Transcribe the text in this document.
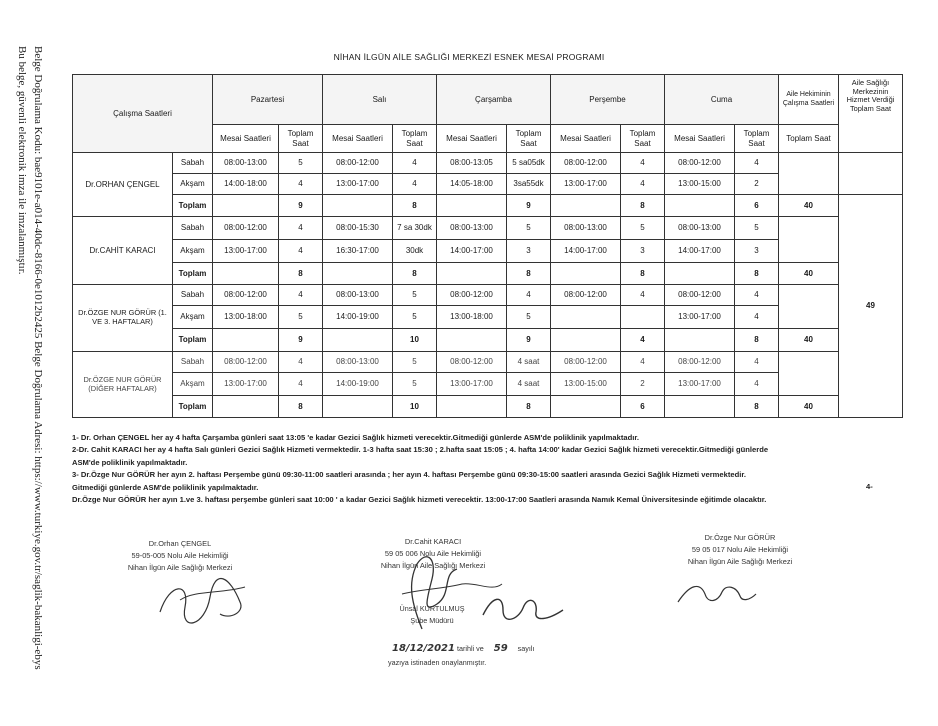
Belge Doğrulama Kodu: bae9101e-a014-40dc-8166-0e1012b2425 Belge Doğrulama Adresi: https://www.turkiye.gov.tr/saglik-bakanligi-ebys
Bu belge, güvenli elektronik imza ile imzalanmıştır.	NİHAN İLGÜN AİLE SAĞLIĞI MERKEZİ ESNEK MESAİ PROGRAMI
Çalışma Saatleri		Pazartesi		Salı		Çarşamba		Perşembe		Cuma		Aile Hekiminin Çalışma Saatleri	Aile Sağlığı Merkezinin Hizmet Verdiği Toplam Saat
		Mesai Saatleri	Toplam Saat	Mesai Saatleri	Toplam Saat	Mesai Saatleri	Toplam Saat	Mesai Saatleri	Toplam Saat	Mesai Saatleri	Toplam Saat	Toplam Saat	
Dr.ORHAN ÇENGEL	Sabah	08:00-13:00	5	08:00-12:00	4	08:00-13:05	5 sa05dk	08:00-12:00	4	08:00-12:00	4		
	Akşam	14:00-18:00	4	13:00-17:00	4	14:05-18:00	3sa55dk	13:00-17:00	4	13:00-15:00	2		
	Toplam		9		8		9		8		6	40	49
Dr.CAHİT KARACI	Sabah	08:00-12:00	4	08:00-15:30	7 sa 30dk	08:00-13:00	5	08:00-13:00	5	08:00-13:00	5		
	Akşam	13:00-17:00	4	16:30-17:00	30dk	14:00-17:00	3	14:00-17:00	3	14:00-17:00	3		
	Toplam		8		8		8		8		8	40	
Dr.ÖZGE NUR GÖRÜR (1. VE 3. HAFTALAR)	Sabah	08:00-12:00	4	08:00-13:00	5	08:00-12:00	4	08:00-12:00	4	08:00-12:00	4		
	Akşam	13:00-18:00	5	14:00-19:00	5	13:00-18:00	5			13:00-17:00	4		
	Toplam		9		10		9		4		8	40	
Dr.ÖZGE NUR GÖRÜR (DİĞER HAFTALAR)	Sabah	08:00-12:00	4	08:00-13:00	5	08:00-12:00	4 saat	08:00-12:00	4	08:00-12:00	4		
	Akşam	13:00-17:00	4	14:00-19:00	5	13:00-17:00	4 saat	13:00-15:00	2	13:00-17:00	4		
	Toplam		8		10		8		6		8	40	
1- Dr. Orhan ÇENGEL her ay 4 hafta Çarşamba günleri saat 13:05 'e kadar Gezici Sağlık hizmeti verecektir.Gitmediği günlerde ASM'de poliklinik yapılmaktadır.
2-Dr. Cahit KARACI her ay 4 hafta Salı günleri Gezici Sağlık Hizmeti vermektedir. 1-3 hafta saat 15:30 ; 2.hafta saat 15:05 ; 4. hafta 14:00' kadar Gezici Sağlık hizmeti verecektir.Gitmediği günlerde
ASM'de poliklinik yapılmaktadır.
3- Dr.Özge Nur GÖRÜR her ayın 2. haftası Perşembe günü 09:30-11:00 saatleri arasında ; her ayın 4. haftası Perşembe günü 09:30-15:00 saatleri arasında Gezici Sağlık Hizmeti vermektedir.
Gitmediği günlerde ASM'de poliklinik yapılmaktadır.
Dr.Özge Nur GÖRÜR her ayın 1.ve 3. haftası perşembe günleri saat 10:00 ' a kadar Gezici Sağlık hizmeti verecektir. 13:00-17:00 Saatleri arasında Namık Kemal Üniversitesinde eğitimde olacaktır.
4-
Dr.Orhan ÇENGEL
59-05-005 Nolu Aile Hekimliği
Nihan İlgün Aile Sağlığı Merkezi
Dr.Cahit KARACI
59 05 006 Nolu Aile Hekimliği
Nihan İlgün Aile Sağlığı Merkezi
Dr.Özge Nur GÖRÜR
59 05 017 Nolu Aile Hekimliği
Nihan İlgün Aile Sağlığı Merkezi
Ünsal KURTULMUŞ
Şube Müdürü
18/12/2021 tarihli ve 59 sayılı
yazıya istinaden onaylanmıştır.
